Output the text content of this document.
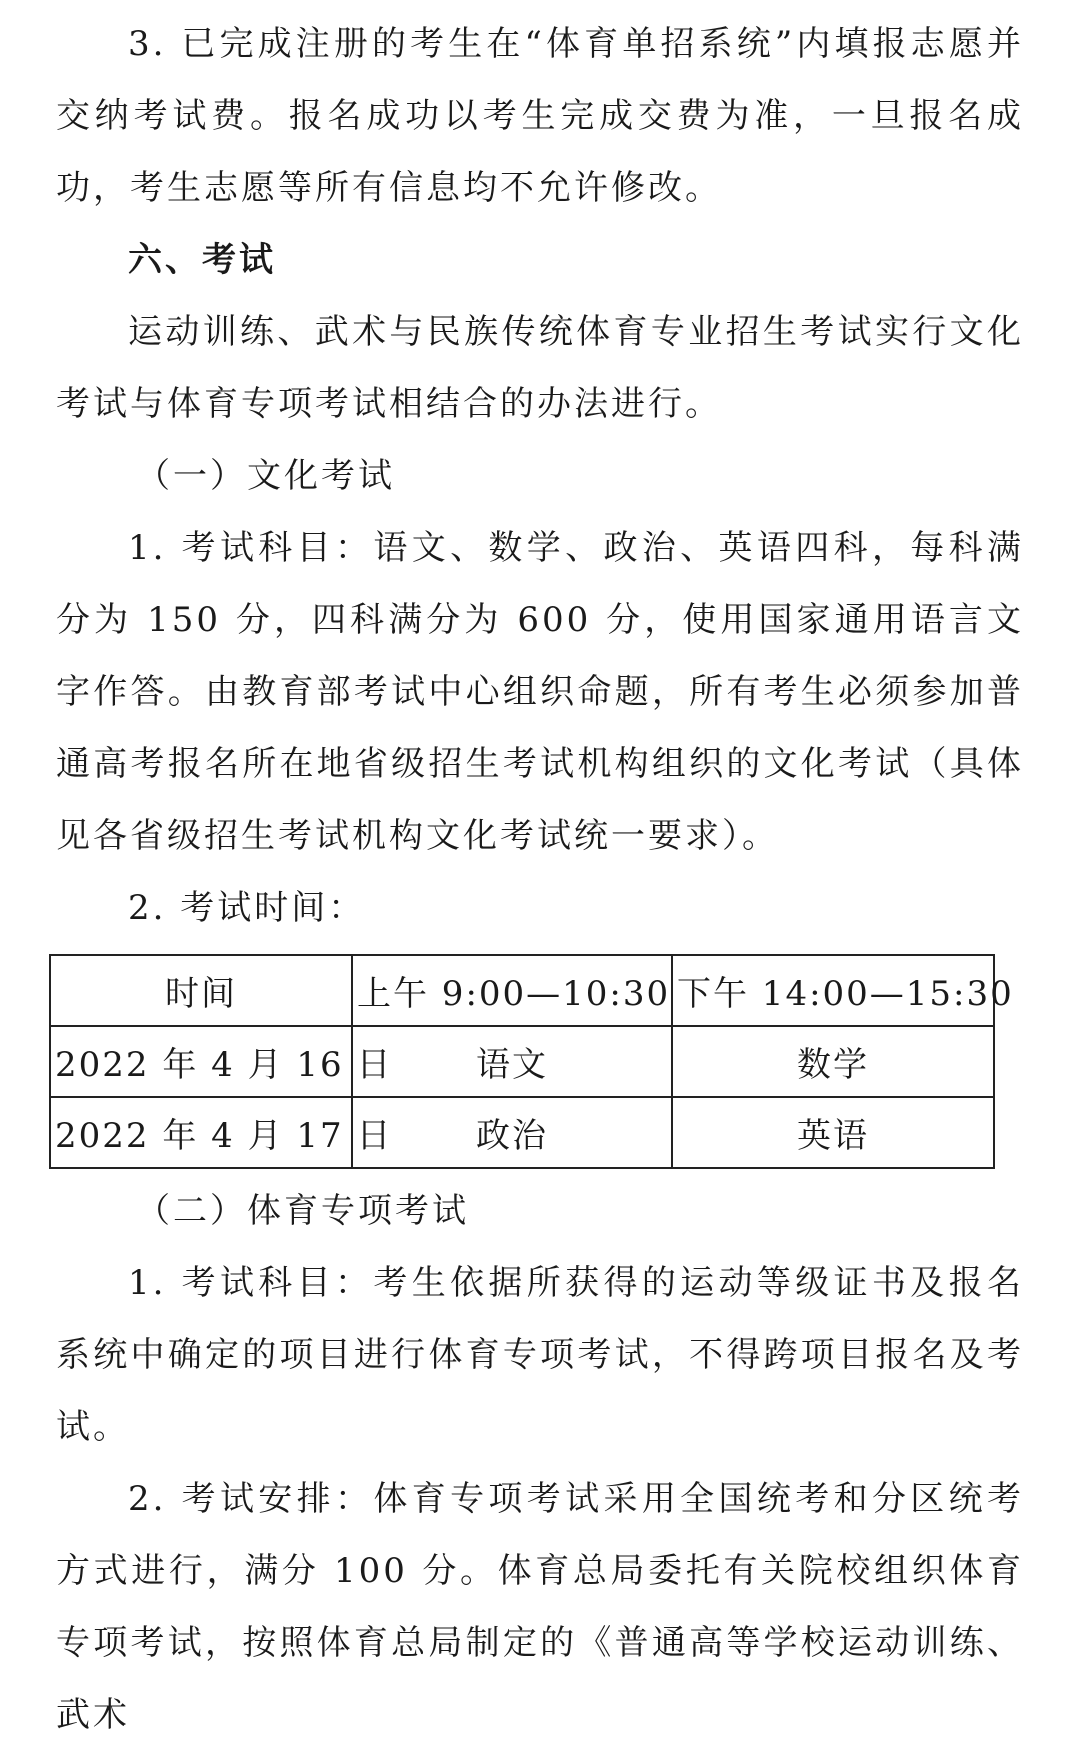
3. 已完成注册的考生在“体育单招系统”内填报志愿并交纳考试费。报名成功以考生完成交费为准，一旦报名成功，考生志愿等所有信息均不允许修改。

六、考试

运动训练、武术与民族传统体育专业招生考试实行文化考试与体育专项考试相结合的办法进行。

（一）文化考试

1. 考试科目：语文、数学、政治、英语四科，每科满分为 150 分，四科满分为 600 分，使用国家通用语言文字作答。由教育部考试中心组织命题，所有考生必须参加普通高考报名所在地省级招生考试机构组织的文化考试（具体见各省级招生考试机构文化考试统一要求）。

2. 考试时间：

时间	上午 9:00—10:30	下午 14:00—15:30
2022 年 4 月 16 日	语文	数学
2022 年 4 月 17 日	政治	英语

（二）体育专项考试

1. 考试科目：考生依据所获得的运动等级证书及报名系统中确定的项目进行体育专项考试，不得跨项目报名及考试。

2. 考试安排：体育专项考试采用全国统考和分区统考方式进行，满分 100 分。体育总局委托有关院校组织体育专项考试，按照体育总局制定的《普通高等学校运动训练、武术
